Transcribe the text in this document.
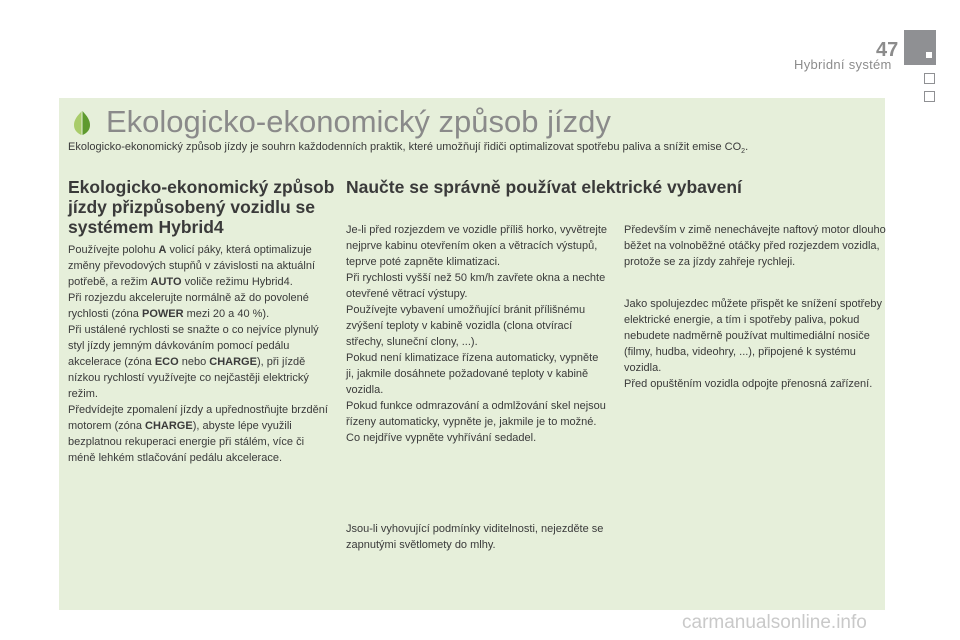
47
Hybridní systém
Ekologicko-ekonomický způsob jízdy

Ekologicko-ekonomický způsob jízdy je souhrn každodenních praktik, které umožňují řidiči optimalizovat spotřebu paliva a snížit emise $CO_2$.

Ekologicko-ekonomický způsob jízdy přizpůsobený vozidlu se systémem Hybrid4
Používejte polohu A volicí páky, která optimalizuje změny převodových stupňů v závislosti na aktuální potřebě, a režim AUTO voliče režimu Hybrid4.
Při rozjezdu akcelerujte normálně až do povolené rychlosti (zóna POWER mezi 20 a 40 %).
Při ustálené rychlosti se snažte o co nejvíce plynulý styl jízdy jemným dávkováním pomocí pedálu akcelerace (zóna ECO nebo CHARGE), při jízdě nízkou rychlostí využívejte co nejčastěji elektrický režim.
Předvídejte zpomalení jízdy a upřednostňujte brzdění motorem (zóna CHARGE), abyste lépe využili bezplatnou rekuperaci energie při stálém, více či méně lehkém stlačování pedálu akcelerace.
Naučte se správně používat elektrické vybavení
Je-li před rozjezdem ve vozidle příliš horko, vyvětrejte nejprve kabinu otevřením oken a větracích výstupů, teprve poté zapněte klimatizaci.
Při rychlosti vyšší než 50 km/h zavřete okna a nechte otevřené větrací výstupy.
Používejte vybavení umožňující bránit přílišnému zvýšení teploty v kabině vozidla (clona otvírací střechy, sluneční clony, ...).
Pokud není klimatizace řízena automaticky, vypněte ji, jakmile dosáhnete požadované teploty v kabině vozidla.
Pokud funkce odmrazování a odmlžování skel nejsou řízeny automaticky, vypněte je, jakmile je to možné.
Co nejdříve vypněte vyhřívání sedadel.
Jsou-li vyhovující podmínky viditelnosti, nejezděte se zapnutými světlomety do mlhy.
Především v zimě nenechávejte naftový motor dlouho běžet na volnoběžné otáčky před rozjezdem vozidla, protože se za jízdy zahřeje rychleji.
Jako spolujezdec můžete přispět ke snížení spotřeby elektrické energie, a tím i spotřeby paliva, pokud nebudete nadměrně používat multimediální nosiče (filmy, hudba, videohry, ...), připojené k systému vozidla.
Před opuštěním vozidla odpojte přenosná zařízení.

carmanualsonline.info
